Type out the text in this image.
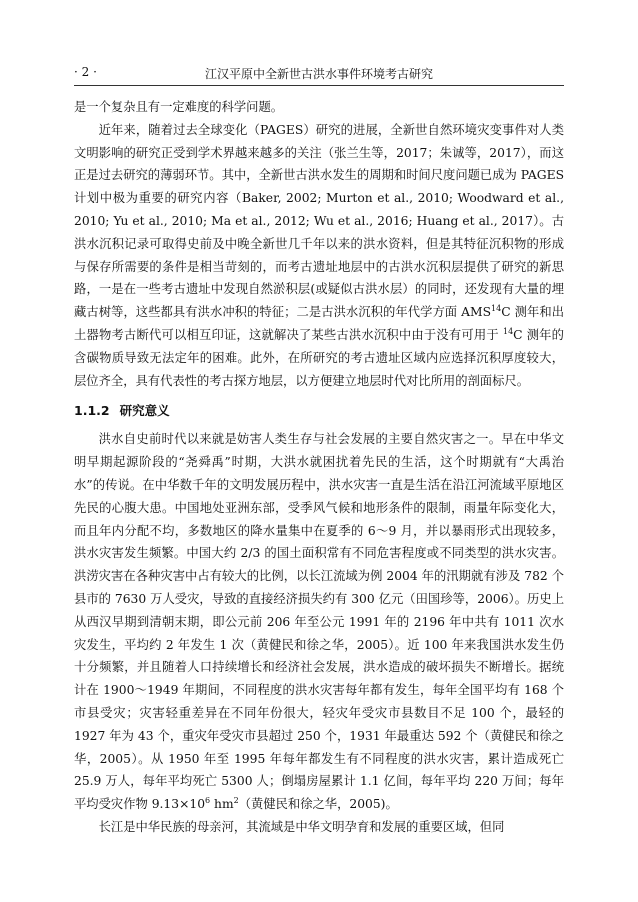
· 2 ·	江汉平原中全新世古洪水事件环境考古研究

是一个复杂且有一定难度的科学问题。

近年来，随着过去全球变化（PAGES）研究的进展，全新世自然环境灾变事件对人类文明影响的研究正受到学术界越来越多的关注（张兰生等，2017；朱诚等，2017），而这正是过去研究的薄弱环节。其中，全新世古洪水发生的周期和时间尺度问题已成为 PAGES 计划中极为重要的研究内容（Baker, 2002; Murton et al., 2010; Woodward et al., 2010; Yu et al., 2010; Ma et al., 2012; Wu et al., 2016; Huang et al., 2017）。古洪水沉积记录可取得史前及中晚全新世几千年以来的洪水资料，但是其特征沉积物的形成与保存所需要的条件是相当苛刻的，而考古遗址地层中的古洪水沉积层提供了研究的新思路，一是在一些考古遗址中发现自然淤积层(或疑似古洪水层）的同时，还发现有大量的埋藏古树等，这些都具有洪水冲积的特征；二是古洪水沉积的年代学方面 AMS$^{14}$C 测年和出土器物考古断代可以相互印证，这就解决了某些古洪水沉积中由于没有可用于 $^{14}$C 测年的含碳物质导致无法定年的困难。此外，在所研究的考古遗址区域内应选择沉积厚度较大，层位齐全，具有代表性的考古探方地层，以方便建立地层时代对比所用的剖面标尺。

1.1.2 研究意义

洪水自史前时代以来就是妨害人类生存与社会发展的主要自然灾害之一。早在中华文明早期起源阶段的“尧舜禹”时期，大洪水就困扰着先民的生活，这个时期就有“大禹治水”的传说。在中华数千年的文明发展历程中，洪水灾害一直是生活在沿江河流域平原地区先民的心腹大患。中国地处亚洲东部，受季风气候和地形条件的限制，雨量年际变化大，而且年内分配不均，多数地区的降水量集中在夏季的 6～9 月，并以暴雨形式出现较多，洪水灾害发生频繁。中国大约 2/3 的国土面积常有不同危害程度或不同类型的洪水灾害。洪涝灾害在各种灾害中占有较大的比例，以长江流域为例 2004 年的汛期就有涉及 782 个县市的 7630 万人受灾，导致的直接经济损失约有 300 亿元（田国珍等，2006）。历史上从西汉早期到清朝末期，即公元前 206 年至公元 1991 年的 2196 年中共有 1011 次水灾发生，平均约 2 年发生 1 次（黄健民和徐之华，2005）。近 100 年来我国洪水发生仍十分频繁，并且随着人口持续增长和经济社会发展，洪水造成的破坏损失不断增长。据统计在 1900～1949 年期间，不同程度的洪水灾害每年都有发生，每年全国平均有 168 个市县受灾；灾害轻重差异在不同年份很大，轻灾年受灾市县数目不足 100 个，最轻的 1927 年为 43 个，重灾年受灾市县超过 250 个，1931 年最重达 592 个（黄健民和徐之华，2005）。从 1950 年至 1995 年每年都发生有不同程度的洪水灾害，累计造成死亡 25.9 万人，每年平均死亡 5300 人；倒塌房屋累计 1.1 亿间，每年平均 220 万间；每年平均受灾作物 $9.13\times 10^6$ $hm^2$（黄健民和徐之华，2005)。

长江是中华民族的母亲河，其流域是中华文明孕育和发展的重要区域，但同
